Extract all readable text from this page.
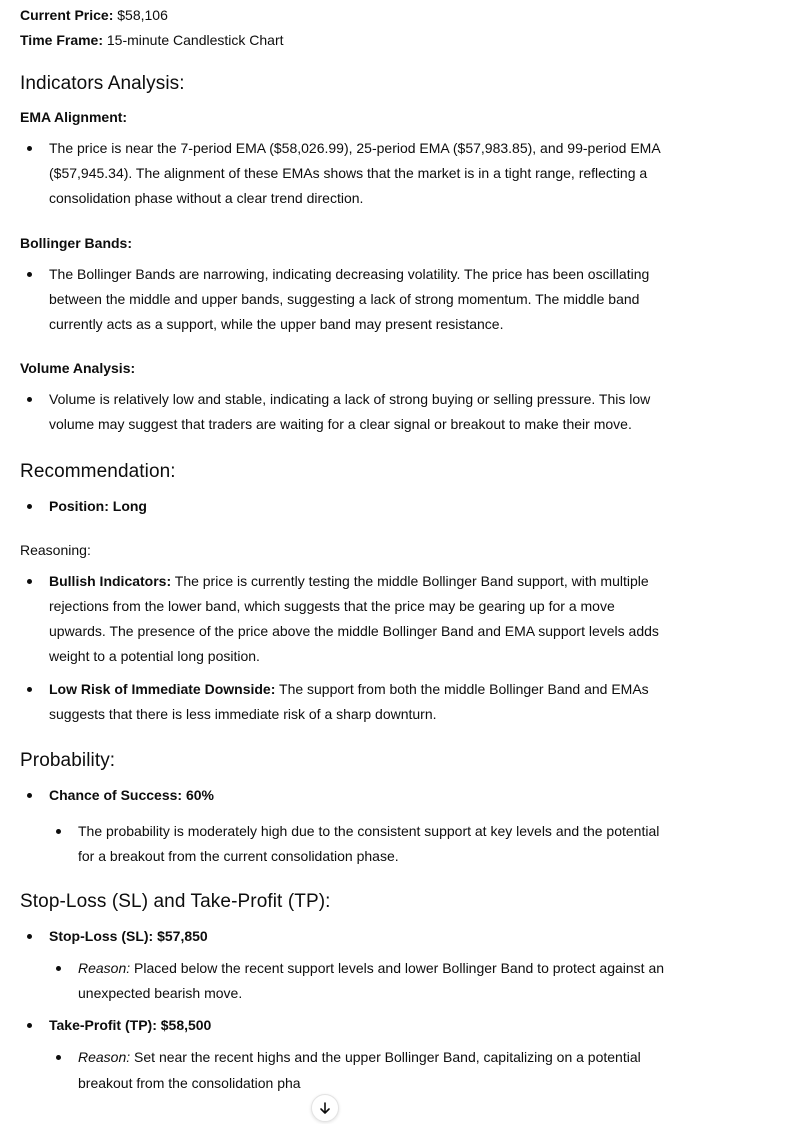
Current Price: $58,106

Time Frame: 15-minute Candlestick Chart

Indicators Analysis:
EMA Alignment:
The price is near the 7-period EMA ($58,026.99), 25-period EMA ($57,983.85), and 99-period EMA ($57,945.34). The alignment of these EMAs shows that the market is in a tight range, reflecting a consolidation phase without a clear trend direction.
Bollinger Bands:
The Bollinger Bands are narrowing, indicating decreasing volatility. The price has been oscillating between the middle and upper bands, suggesting a lack of strong momentum. The middle band currently acts as a support, while the upper band may present resistance.
Volume Analysis:
Volume is relatively low and stable, indicating a lack of strong buying or selling pressure. This low volume may suggest that traders are waiting for a clear signal or breakout to make their move.
Recommendation:
Position: Long
Reasoning:
Bullish Indicators: The price is currently testing the middle Bollinger Band support, with multiple rejections from the lower band, which suggests that the price may be gearing up for a move upwards. The presence of the price above the middle Bollinger Band and EMA support levels adds weight to a potential long position.
Low Risk of Immediate Downside: The support from both the middle Bollinger Band and EMAs suggests that there is less immediate risk of a sharp downturn.
Probability:
Chance of Success: 60%
The probability is moderately high due to the consistent support at key levels and the potential for a breakout from the current consolidation phase.
Stop-Loss (SL) and Take-Profit (TP):
Stop-Loss (SL): $57,850
Reason: Placed below the recent support levels and lower Bollinger Band to protect against an unexpected bearish move.
Take-Profit (TP): $58,500
Reason: Set near the recent highs and the upper Bollinger Band, capitalizing on a potential breakout from the consolidation pha
